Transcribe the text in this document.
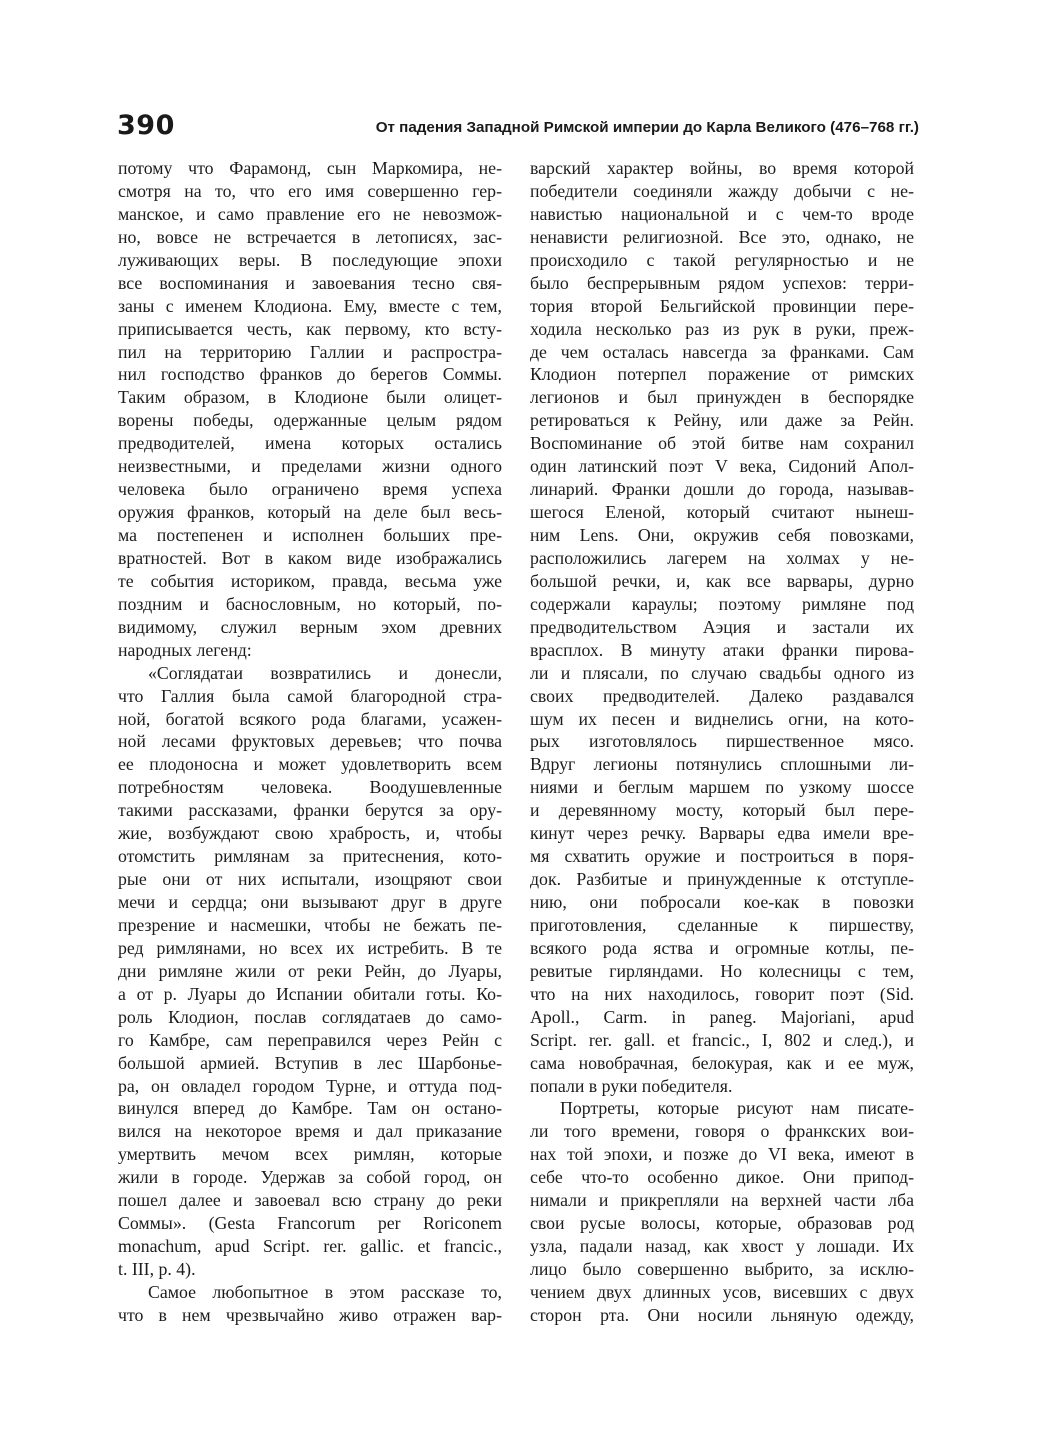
390	От падения Западной Римской империи до Карла Великого (476–768 гг.)
потому что Фарамонд, сын Маркомира, не-
смотря на то, что его имя совершенно гер-
манское, и само правление его не невозмож-
но, вовсе не встречается в летописях, зас-
луживающих веры. В последующие эпохи
все воспоминания и завоевания тесно свя-
заны с именем Клодиона. Ему, вместе с тем,
приписывается честь, как первому, кто всту-
пил на территорию Галлии и распростра-
нил господство франков до берегов Соммы.
Таким образом, в Клодионе были олицет-
ворены победы, одержанные целым рядом
предводителей, имена которых остались
неизвестными, и пределами жизни одного
человека было ограничено время успеха
оружия франков, который на деле был весь-
ма постепенен и исполнен больших пре-
вратностей. Вот в каком виде изображались
те события историком, правда, весьма уже
поздним и баснословным, но который, по-
видимому, служил верным эхом древних
народных легенд:
«Соглядатаи возвратились и донесли,
что Галлия была самой благородной стра-
ной, богатой всякого рода благами, усажен-
ной лесами фруктовых деревьев; что почва
ее плодоносна и может удовлетворить всем
потребностям человека. Воодушевленные
такими рассказами, франки берутся за ору-
жие, возбуждают свою храбрость, и, чтобы
отомстить римлянам за притеснения, кото-
рые они от них испытали, изощряют свои
мечи и сердца; они вызывают друг в друге
презрение и насмешки, чтобы не бежать пе-
ред римлянами, но всех их истребить. В те
дни римляне жили от реки Рейн, до Луары,
а от р. Луары до Испании обитали готы. Ко-
роль Клодион, послав соглядатаев до само-
го Камбре, сам переправился через Рейн с
большой армией. Вступив в лес Шарбонье-
ра, он овладел городом Турне, и оттуда под-
винулся вперед до Камбре. Там он остано-
вился на некоторое время и дал приказание
умертвить мечом всех римлян, которые
жили в городе. Удержав за собой город, он
пошел далее и завоевал всю страну до реки
Соммы». (Gesta Francorum per Roriconem
monachum, apud Script. rer. gallic. et francic.,
t. III, p. 4).
Самое любопытное в этом рассказе то,
что в нем чрезвычайно живо отражен вар-
варский характер войны, во время которой
победители соединяли жажду добычи с не-
навистью национальной и с чем-то вроде
ненависти религиозной. Все это, однако, не
происходило с такой регулярностью и не
было беспрерывным рядом успехов: терри-
тория второй Бельгийской провинции пере-
ходила несколько раз из рук в руки, преж-
де чем осталась навсегда за франками. Сам
Клодион потерпел поражение от римских
легионов и был принужден в беспорядке
ретироваться к Рейну, или даже за Рейн.
Воспоминание об этой битве нам сохранил
один латинский поэт V века, Сидоний Апол-
линарий. Франки дошли до города, называв-
шегося Еленой, который считают нынеш-
ним Lens. Они, окружив себя повозками,
расположились лагерем на холмах у не-
большой речки, и, как все варвары, дурно
содержали караулы; поэтому римляне под
предводительством Аэция и застали их
врасплох. В минуту атаки франки пирова-
ли и плясали, по случаю свадьбы одного из
своих предводителей. Далеко раздавался
шум их песен и виднелись огни, на кото-
рых изготовлялось пиршественное мясо.
Вдруг легионы потянулись сплошными ли-
ниями и беглым маршем по узкому шоссе
и деревянному мосту, который был пере-
кинут через речку. Варвары едва имели вре-
мя схватить оружие и построиться в поря-
док. Разбитые и принужденные к отступле-
нию, они побросали кое-как в повозки
приготовления, сделанные к пиршеству,
всякого рода яства и огромные котлы, пе-
ревитые гирляндами. Но колесницы с тем,
что на них находилось, говорит поэт (Sid.
Apoll., Carm. in paneg. Majoriani, apud
Script. rer. gall. et francic., I, 802 и след.), и
сама новобрачная, белокурая, как и ее муж,
попали в руки победителя.
Портреты, которые рисуют нам писате-
ли того времени, говоря о франкских вои-
нах той эпохи, и позже до VI века, имеют в
себе что-то особенно дикое. Они припод-
нимали и прикрепляли на верхней части лба
свои русые волосы, которые, образовав род
узла, падали назад, как хвост у лошади. Их
лицо было совершенно выбрито, за исклю-
чением двух длинных усов, висевших с двух
сторон рта. Они носили льняную одежду,
